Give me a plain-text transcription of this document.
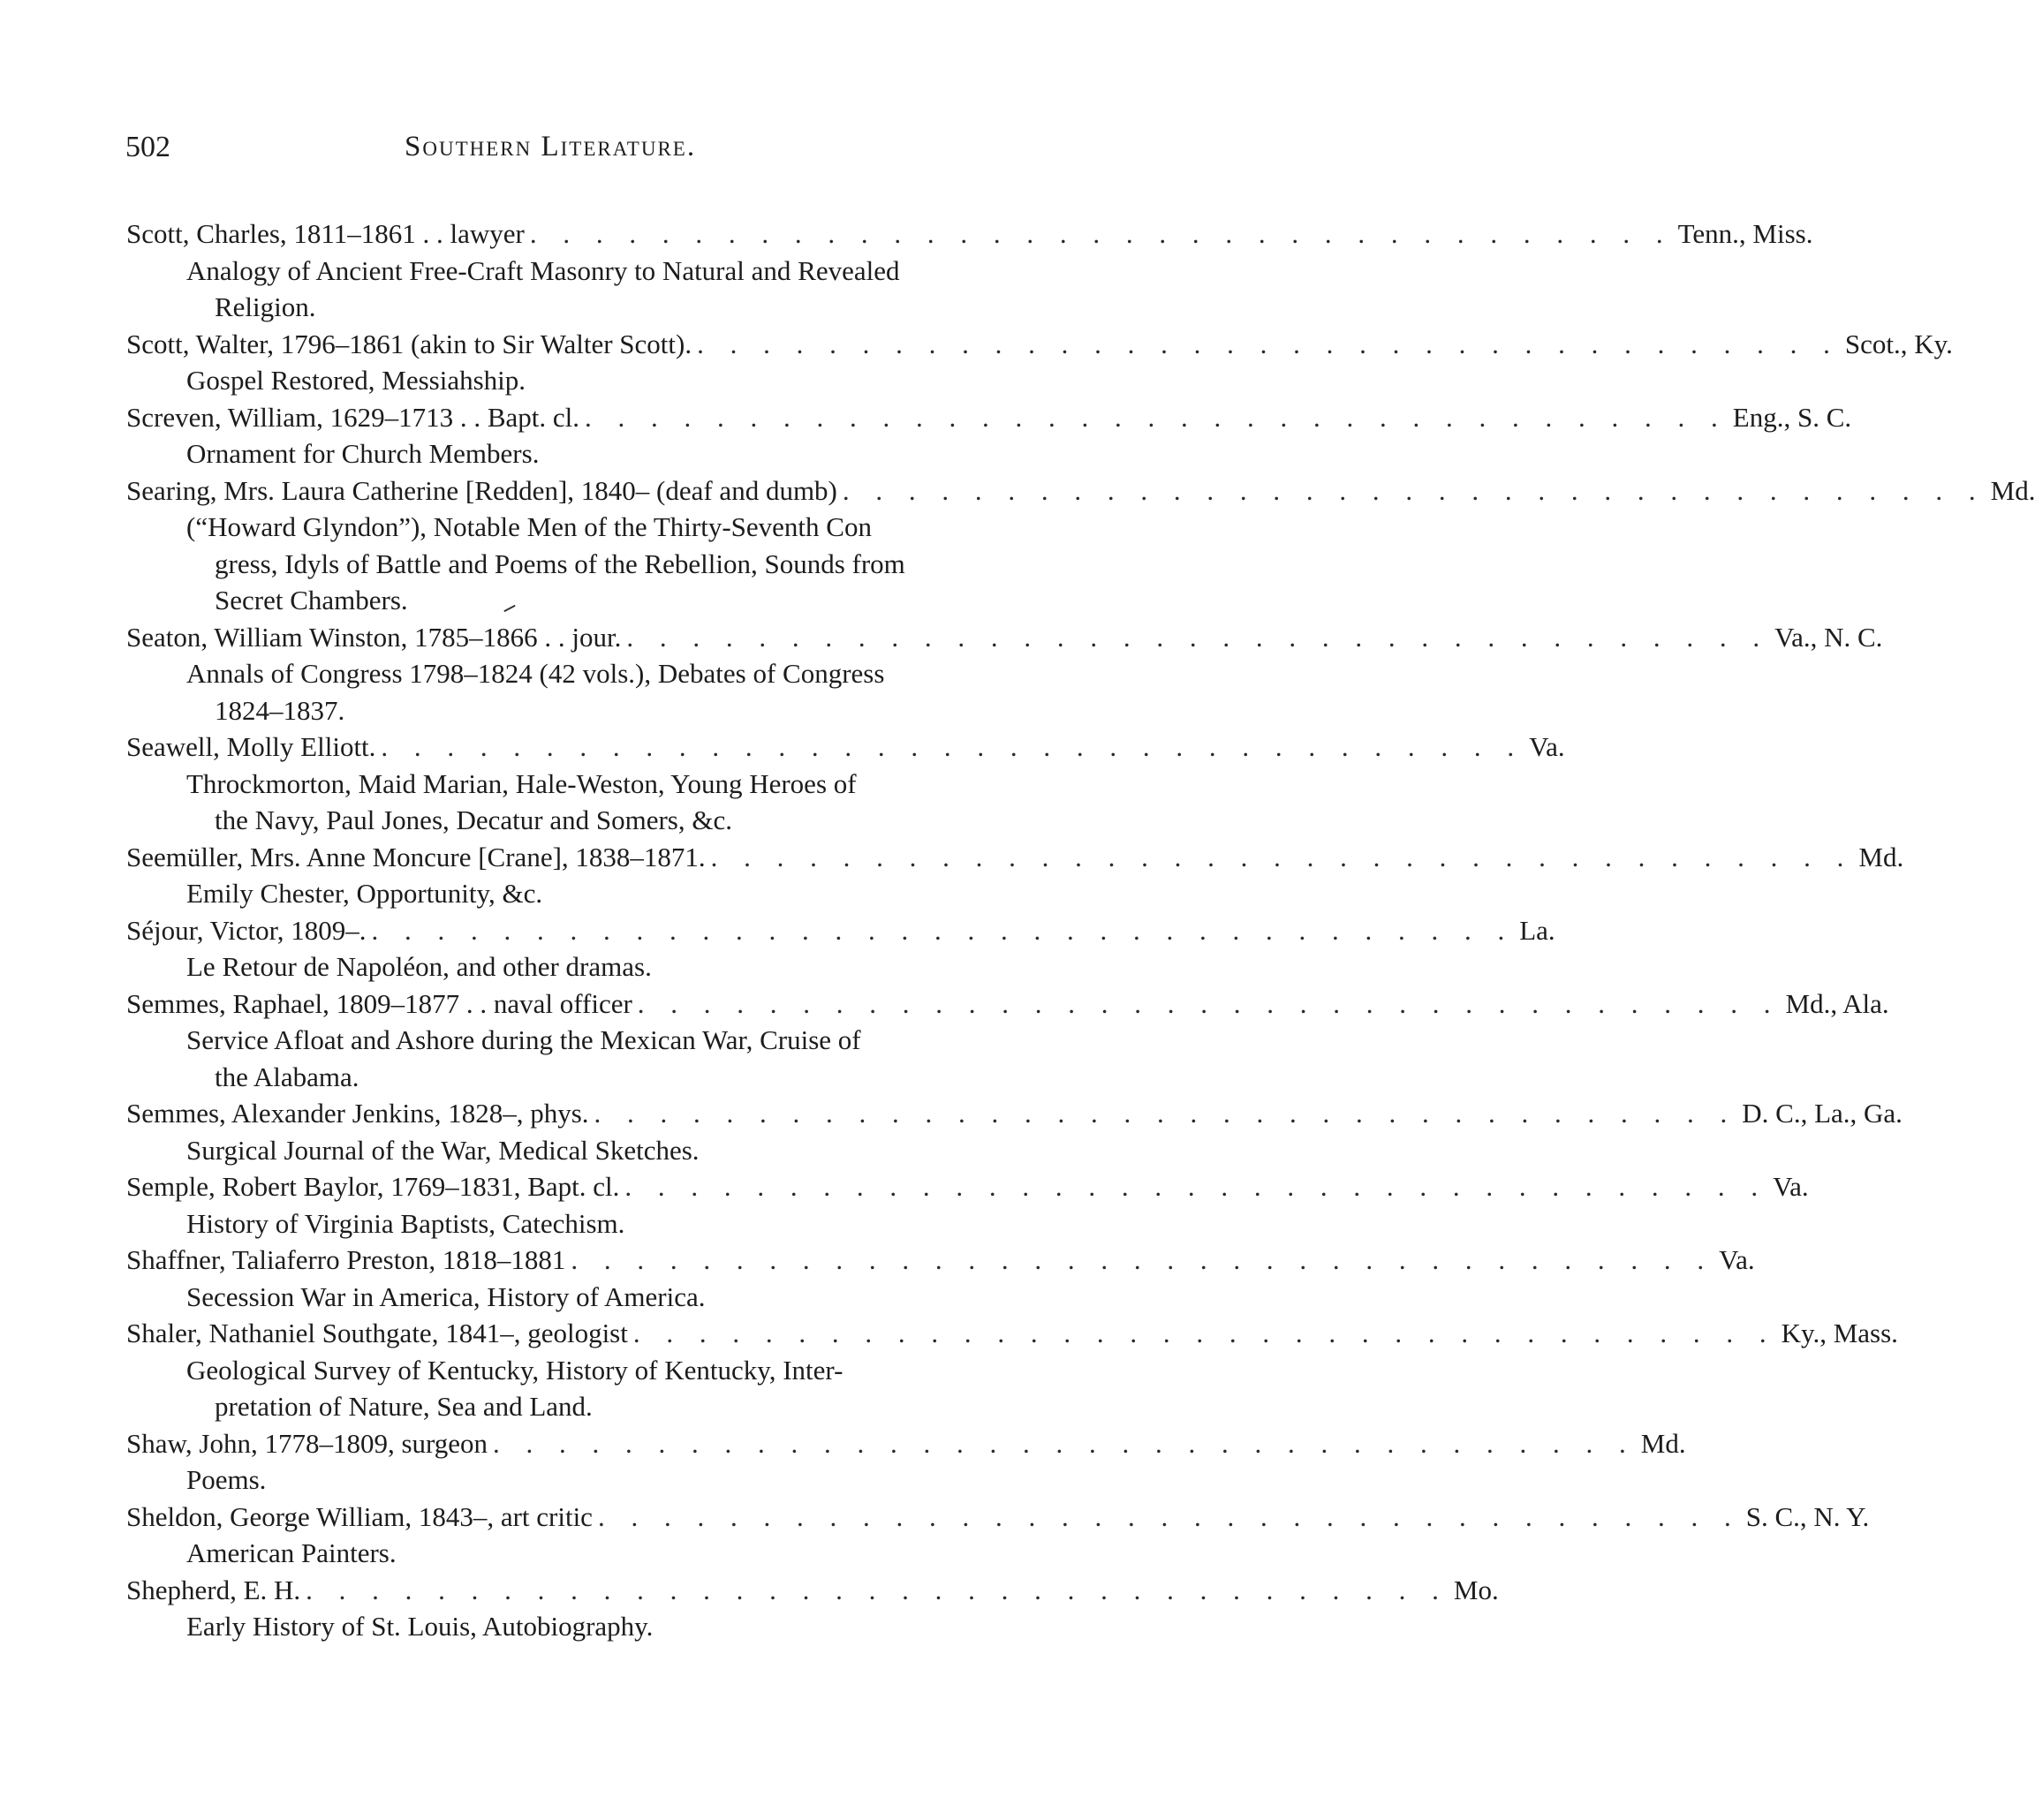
502	Southern Literature.
Scott, Charles, 1811–1861 . . lawyer . . . . . . . . . . . . . . . . . . . . . . . . . . . . . . . . . . . Tenn., Miss.
Analogy of Ancient Free-Craft Masonry to Natural and Revealed
Religion.
Scott, Walter, 1796–1861 (akin to Sir Walter Scott). . . . . . . . . . . . . . . . . . . . . . . . . . . . . . . . . . . . Scot., Ky.
Gospel Restored, Messiahship.
Screven, William, 1629–1713 . . Bapt. cl. . . . . . . . . . . . . . . . . . . . . . . . . . . . . . . . . . . . Eng., S. C.
Ornament for Church Members.
Searing, Mrs. Laura Catherine [Redden], 1840– (deaf and dumb) . . . . . . . . . . . . . . . . . . . . . . . . . . . . . . . . . . . Md.
(“Howard Glyndon”), Notable Men of the Thirty-Seventh Con
gress, Idyls of Battle and Poems of the Rebellion, Sounds from
Secret Chambers.
Seaton, William Winston, 1785–1866 . . jour. . . . . . . . . . . . . . . . . . . . . . . . . . . . . . . . . . . . Va., N. C.
Annals of Congress 1798–1824 (42 vols.), Debates of Congress
1824–1837.
Seawell, Molly Elliott. . . . . . . . . . . . . . . . . . . . . . . . . . . . . . . . . . . . Va.
Throckmorton, Maid Marian, Hale-Weston, Young Heroes of
the Navy, Paul Jones, Decatur and Somers, &c.
Seemüller, Mrs. Anne Moncure [Crane], 1838–1871. . . . . . . . . . . . . . . . . . . . . . . . . . . . . . . . . . . . Md.
Emily Chester, Opportunity, &c.
Séjour, Victor, 1809–. . . . . . . . . . . . . . . . . . . . . . . . . . . . . . . . . . . . La.
Le Retour de Napoléon, and other dramas.
Semmes, Raphael, 1809–1877 . . naval officer . . . . . . . . . . . . . . . . . . . . . . . . . . . . . . . . . . . Md., Ala.
Service Afloat and Ashore during the Mexican War, Cruise of
the Alabama.
Semmes, Alexander Jenkins, 1828–, phys. . . . . . . . . . . . . . . . . . . . . . . . . . . . . . . . . . . . D. C., La., Ga.
Surgical Journal of the War, Medical Sketches.
Semple, Robert Baylor, 1769–1831, Bapt. cl. . . . . . . . . . . . . . . . . . . . . . . . . . . . . . . . . . . . Va.
History of Virginia Baptists, Catechism.
Shaffner, Taliaferro Preston, 1818–1881 . . . . . . . . . . . . . . . . . . . . . . . . . . . . . . . . . . . Va.
Secession War in America, History of America.
Shaler, Nathaniel Southgate, 1841–, geologist . . . . . . . . . . . . . . . . . . . . . . . . . . . . . . . . . . . Ky., Mass.
Geological Survey of Kentucky, History of Kentucky, Inter-
pretation of Nature, Sea and Land.
Shaw, John, 1778–1809, surgeon . . . . . . . . . . . . . . . . . . . . . . . . . . . . . . . . . . . Md.
Poems.
Sheldon, George William, 1843–, art critic . . . . . . . . . . . . . . . . . . . . . . . . . . . . . . . . . . . S. C., N. Y.
American Painters.
Shepherd, E. H. . . . . . . . . . . . . . . . . . . . . . . . . . . . . . . . . . . . Mo.
Early History of St. Louis, Autobiography.
